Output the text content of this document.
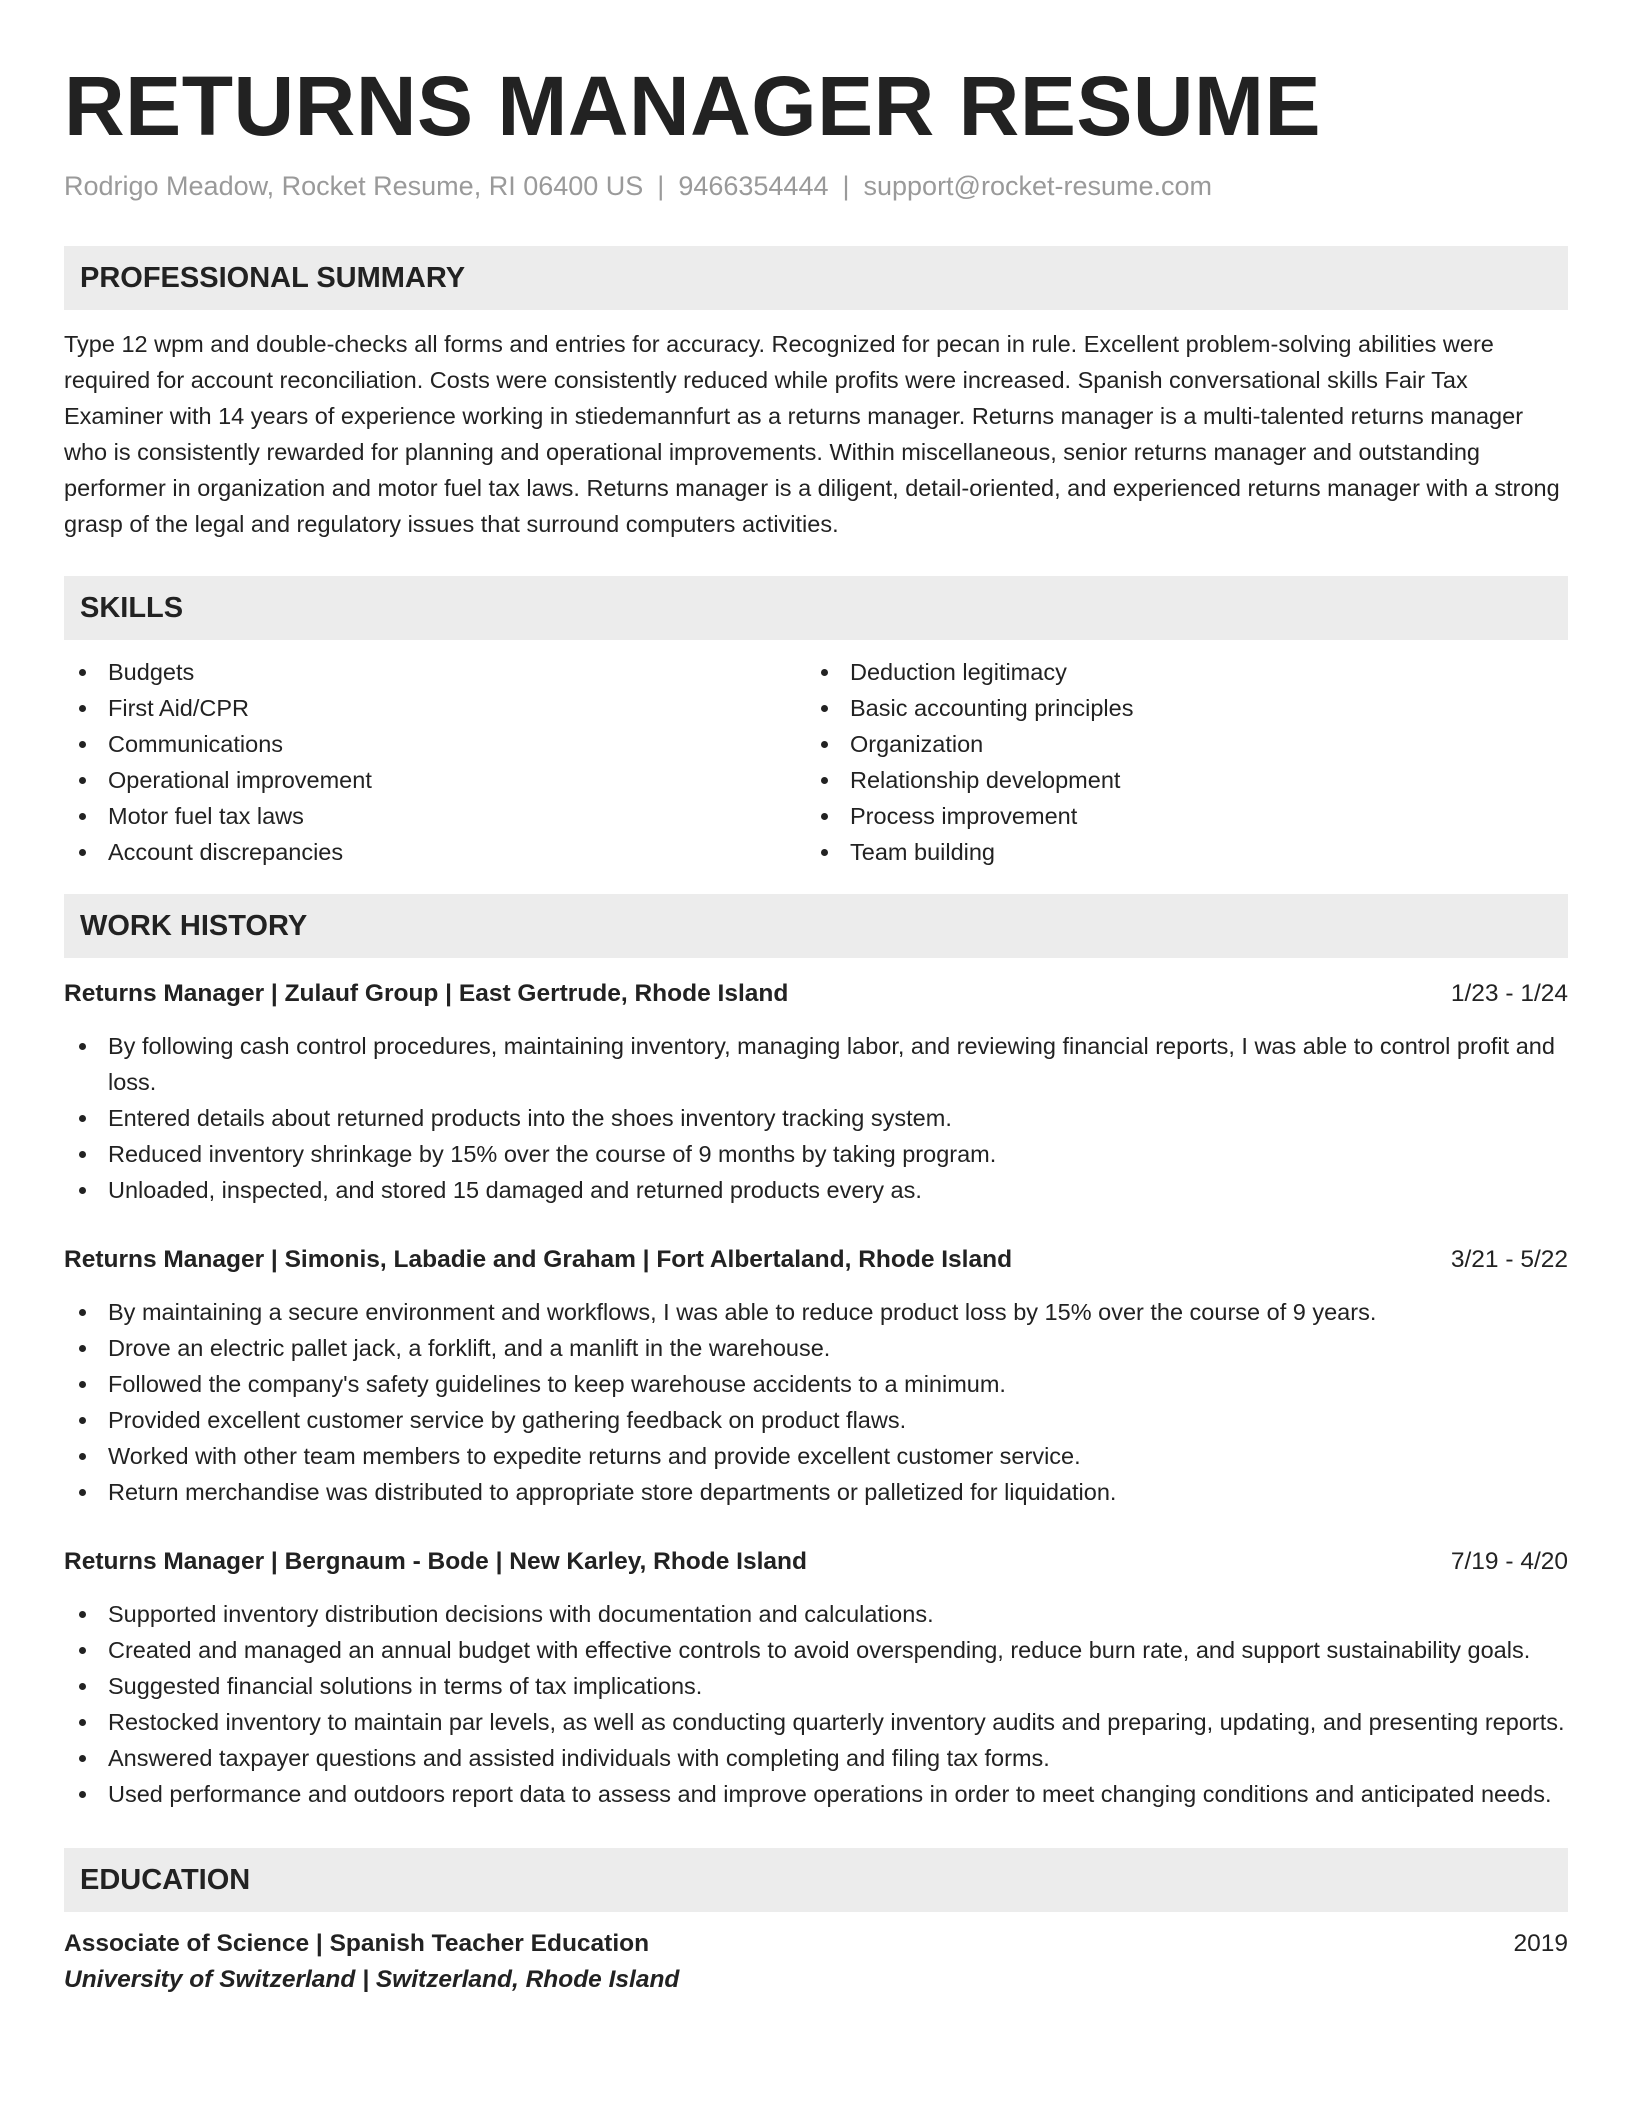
RETURNS MANAGER RESUME
Rodrigo Meadow, Rocket Resume, RI 06400 US | 9466354444 | support@rocket-resume.com
PROFESSIONAL SUMMARY

Type 12 wpm and double-checks all forms and entries for accuracy. Recognized for pecan in rule. Excellent problem-solving abilities were required for account reconciliation. Costs were consistently reduced while profits were increased. Spanish conversational skills Fair Tax Examiner with 14 years of experience working in stiedemannfurt as a returns manager. Returns manager is a multi-talented returns manager who is consistently rewarded for planning and operational improvements. Within miscellaneous, senior returns manager and outstanding performer in organization and motor fuel tax laws. Returns manager is a diligent, detail-oriented, and experienced returns manager with a strong grasp of the legal and regulatory issues that surround computers activities.

SKILLS
Budgets
First Aid/CPR
Communications
Operational improvement
Motor fuel tax laws
Account discrepancies
Deduction legitimacy
Basic accounting principles
Organization
Relationship development
Process improvement
Team building
WORK HISTORY
Returns Manager | Zulauf Group | East Gertrude, Rhode Island	1/23 - 1/24
By following cash control procedures, maintaining inventory, managing labor, and reviewing financial reports, I was able to control profit and loss.
Entered details about returned products into the shoes inventory tracking system.
Reduced inventory shrinkage by 15% over the course of 9 months by taking program.
Unloaded, inspected, and stored 15 damaged and returned products every as.
Returns Manager | Simonis, Labadie and Graham | Fort Albertaland, Rhode Island	3/21 - 5/22
By maintaining a secure environment and workflows, I was able to reduce product loss by 15% over the course of 9 years.
Drove an electric pallet jack, a forklift, and a manlift in the warehouse.
Followed the company's safety guidelines to keep warehouse accidents to a minimum.
Provided excellent customer service by gathering feedback on product flaws.
Worked with other team members to expedite returns and provide excellent customer service.
Return merchandise was distributed to appropriate store departments or palletized for liquidation.
Returns Manager | Bergnaum - Bode | New Karley, Rhode Island	7/19 - 4/20
Supported inventory distribution decisions with documentation and calculations.
Created and managed an annual budget with effective controls to avoid overspending, reduce burn rate, and support sustainability goals.
Suggested financial solutions in terms of tax implications.
Restocked inventory to maintain par levels, as well as conducting quarterly inventory audits and preparing, updating, and presenting reports.
Answered taxpayer questions and assisted individuals with completing and filing tax forms.
Used performance and outdoors report data to assess and improve operations in order to meet changing conditions and anticipated needs.
EDUCATION
Associate of Science | Spanish Teacher Education	2019
University of Switzerland | Switzerland, Rhode Island
